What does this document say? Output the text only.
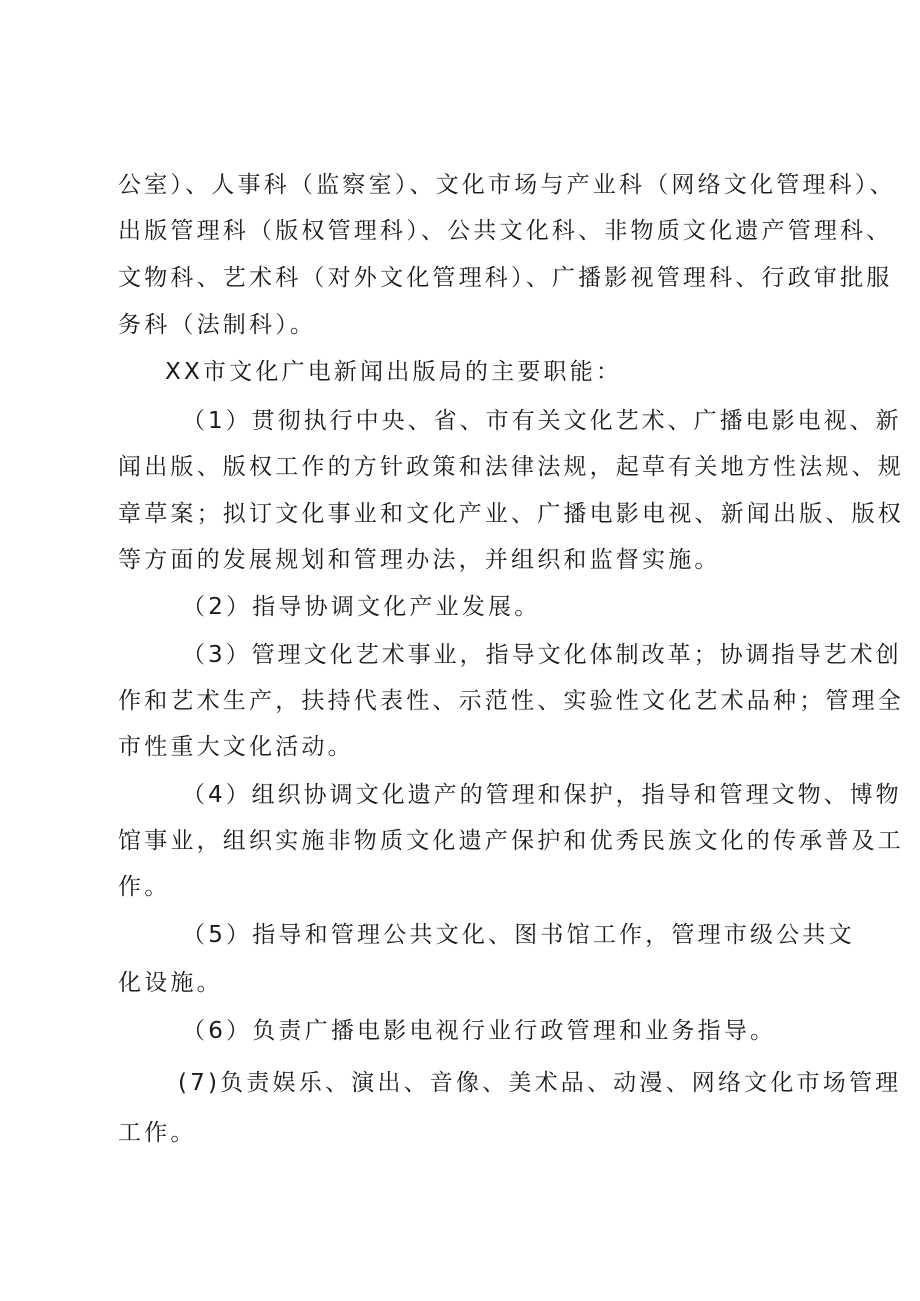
公室）、人事科（监察室）、文化市场与产业科（网络文化管理科）、
出版管理科（版权管理科）、公共文化科、非物质文化遗产管理科、
文物科、艺术科（对外文化管理科）、广播影视管理科、行政审批服
务科（法制科）。
XX市文化广电新闻出版局的主要职能：
（1）贯彻执行中央、省、市有关文化艺术、广播电影电视、新
闻出版、版权工作的方针政策和法律法规，起草有关地方性法规、规
章草案；拟订文化事业和文化产业、广播电影电视、新闻出版、版权
等方面的发展规划和管理办法，并组织和监督实施。
（2）指导协调文化产业发展。
（3）管理文化艺术事业，指导文化体制改革；协调指导艺术创
作和艺术生产，扶持代表性、示范性、实验性文化艺术品种；管理全
市性重大文化活动。
（4）组织协调文化遗产的管理和保护，指导和管理文物、博物
馆事业，组织实施非物质文化遗产保护和优秀民族文化的传承普及工
作。
（5）指导和管理公共文化、图书馆工作，管理市级公共文
化设施。
（6）负责广播电影电视行业行政管理和业务指导。
(7)负责娱乐、演出、音像、美术品、动漫、网络文化市场管理
工作。
